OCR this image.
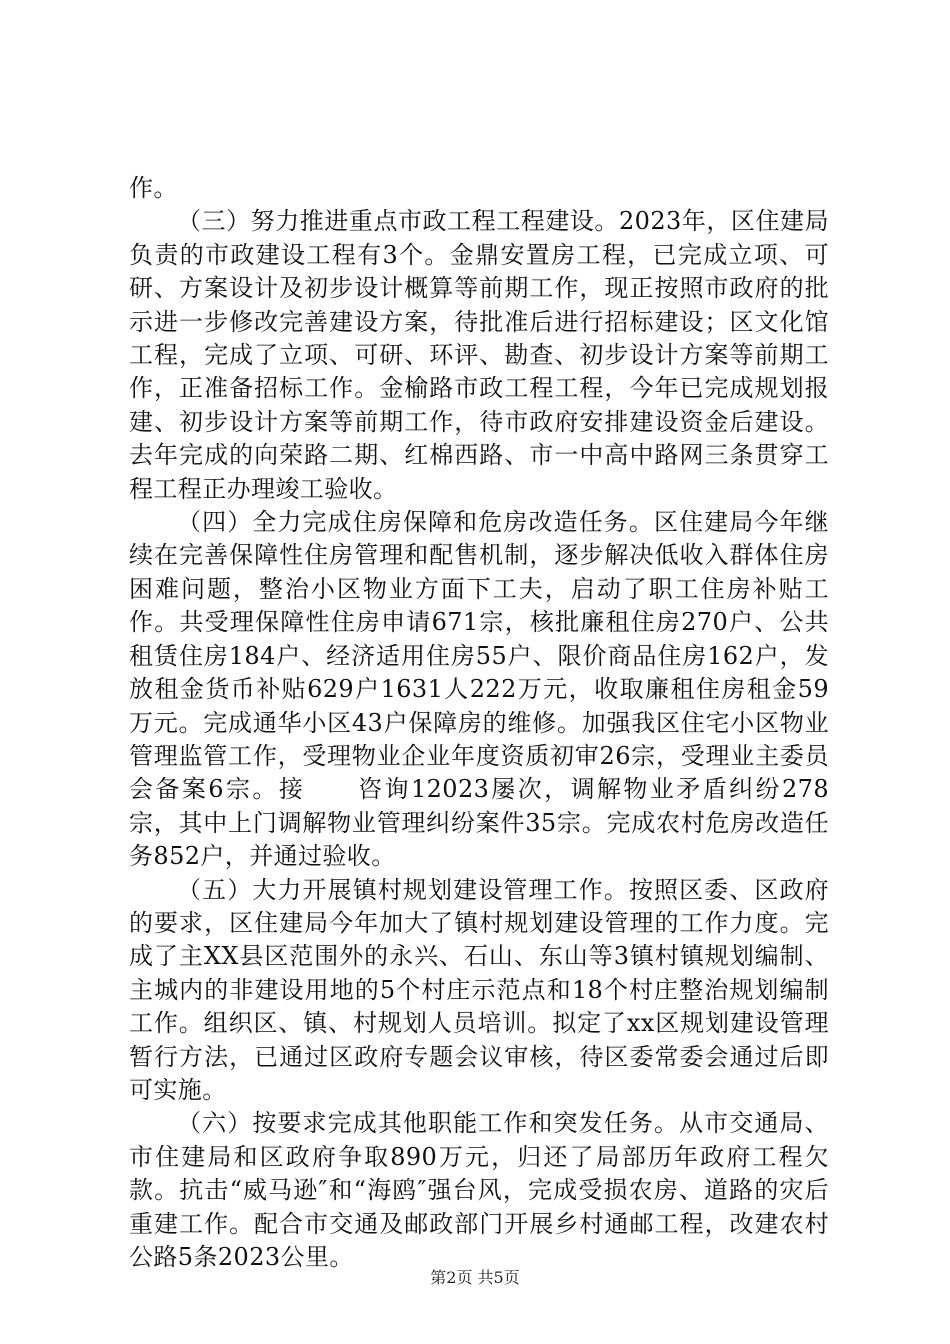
作。

（三）努力推进重点市政工程工程建设。2023年，区住建局负责的市政建设工程有3个。金鼎安置房工程，已完成立项、可研、方案设计及初步设计概算等前期工作，现正按照市政府的批示进一步修改完善建设方案，待批准后进行招标建设；区文化馆工程，完成了立项、可研、环评、勘查、初步设计方案等前期工作，正准备招标工作。金榆路市政工程工程，今年已完成规划报建、初步设计方案等前期工作，待市政府安排建设资金后建设。去年完成的向荣路二期、红棉西路、市一中高中路网三条贯穿工程工程正办理竣工验收。

（四）全力完成住房保障和危房改造任务。区住建局今年继续在完善保障性住房管理和配售机制，逐步解决低收入群体住房困难问题，整治小区物业方面下工夫，启动了职工住房补贴工作。共受理保障性住房申请671宗，核批廉租住房270户、公共租赁住房184户、经济适用住房55户、限价商品住房162户，发放租金货币补贴629户1631人222万元，收取廉租住房租金59万元。完成通华小区43户保障房的维修。加强我区住宅小区物业管理监管工作，受理物业企业年度资质初审26宗，受理业主委员会备案6宗。接　　咨询12023屡次，调解物业矛盾纠纷278宗，其中上门调解物业管理纠纷案件35宗。完成农村危房改造任务852户，并通过验收。

（五）大力开展镇村规划建设管理工作。按照区委、区政府的要求，区住建局今年加大了镇村规划建设管理的工作力度。完成了主XX县区范围外的永兴、石山、东山等3镇村镇规划编制、主城内的非建设用地的5个村庄示范点和18个村庄整治规划编制工作。组织区、镇、村规划人员培训。拟定了xx区规划建设管理暂行方法，已通过区政府专题会议审核，待区委常委会通过后即可实施。

（六）按要求完成其他职能工作和突发任务。从市交通局、市住建局和区政府争取890万元，归还了局部历年政府工程欠款。抗击“威马逊″和“海鸥″强台风，完成受损农房、道路的灾后重建工作。配合市交通及邮政部门开展乡村通邮工程，改建农村公路5条2023公里。

第2页 共5页
